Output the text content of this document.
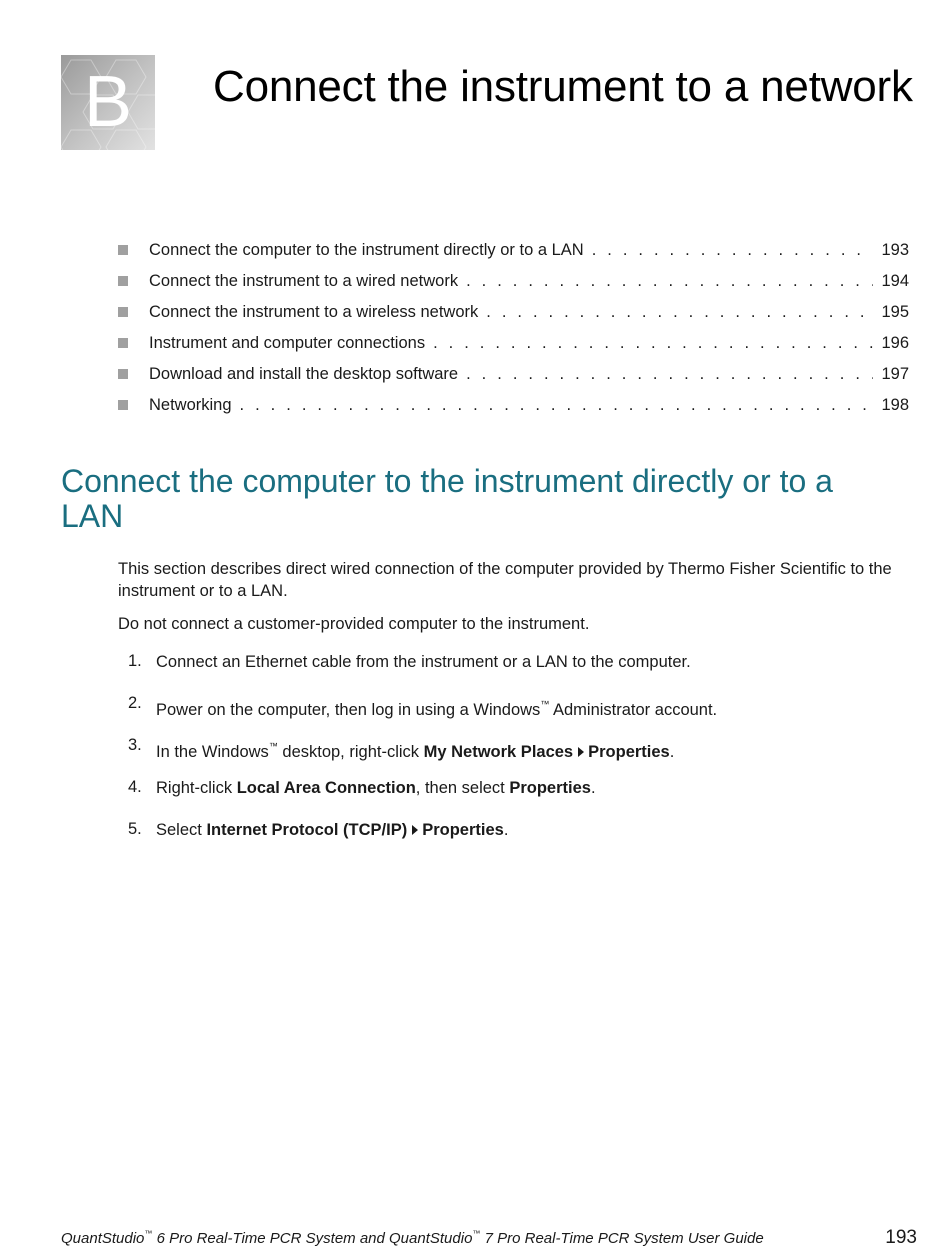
B	Connect the instrument to a network
Connect the computer to the instrument directly or to a LAN . . .	193
Connect the instrument to a wired network . . .	194
Connect the instrument to a wireless network . . .	195
Instrument and computer connections . . .	196
Download and install the desktop software . . .	197
Networking . . .	198
Connect the computer to the instrument directly or to a LAN

This section describes direct wired connection of the computer provided by Thermo Fisher Scientific to the instrument or to a LAN.

Do not connect a customer-provided computer to the instrument.

1. Connect an Ethernet cable from the instrument or a LAN to the computer.
2. Power on the computer, then log in using a Windows™ Administrator account.
3. In the Windows™ desktop, right-click My Network Places Properties.
4. Right-click Local Area Connection, then select Properties.
5. Select Internet Protocol (TCP/IP) Properties.
QuantStudio™ 6 Pro Real-Time PCR System and QuantStudio™ 7 Pro Real-Time PCR System User Guide	193
